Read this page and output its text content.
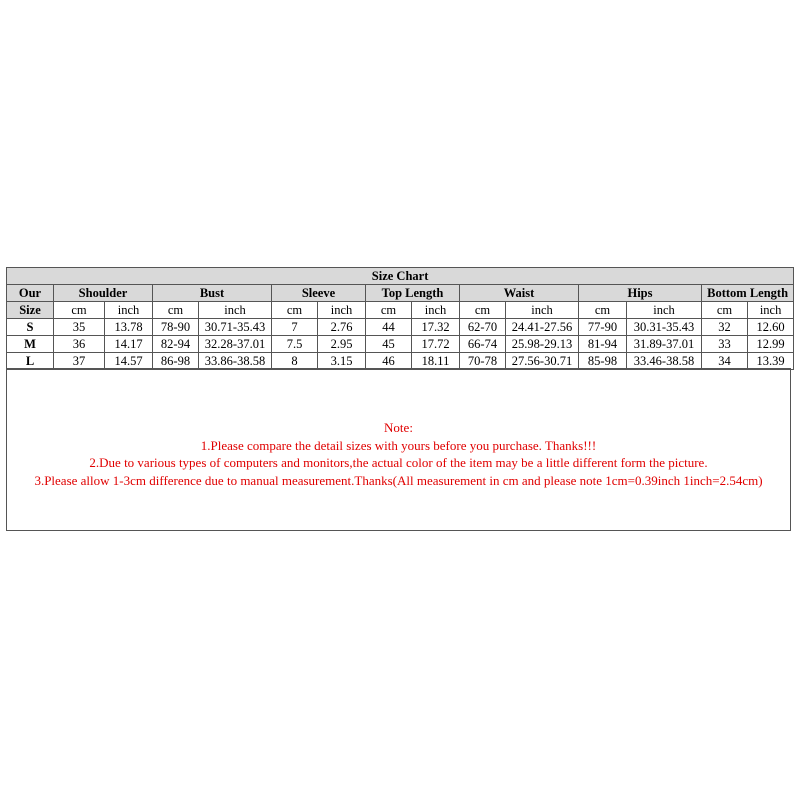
Size Chart														
Our	Shoulder		Bust		Sleeve		Top Length		Waist		Hips		Bottom Length	
Size	cm	inch	cm	inch	cm	inch	cm	inch	cm	inch	cm	inch	cm	inch
S	35	13.78	78-90	30.71-35.43	7	2.76	44	17.32	62-70	24.41-27.56	77-90	30.31-35.43	32	12.60
M	36	14.17	82-94	32.28-37.01	7.5	2.95	45	17.72	66-74	25.98-29.13	81-94	31.89-37.01	33	12.99
L	37	14.57	86-98	33.86-38.58	8	3.15	46	18.11	70-78	27.56-30.71	85-98	33.46-38.58	34	13.39
Note:
1.Please compare the detail sizes with yours before you purchase. Thanks!!!
2.Due to various types of computers and monitors,the actual color of the item may be a little different form the picture.
3.Please allow 1-3cm difference due to manual measurement.Thanks(All measurement in cm and please note 1cm=0.39inch 1inch=2.54cm)
